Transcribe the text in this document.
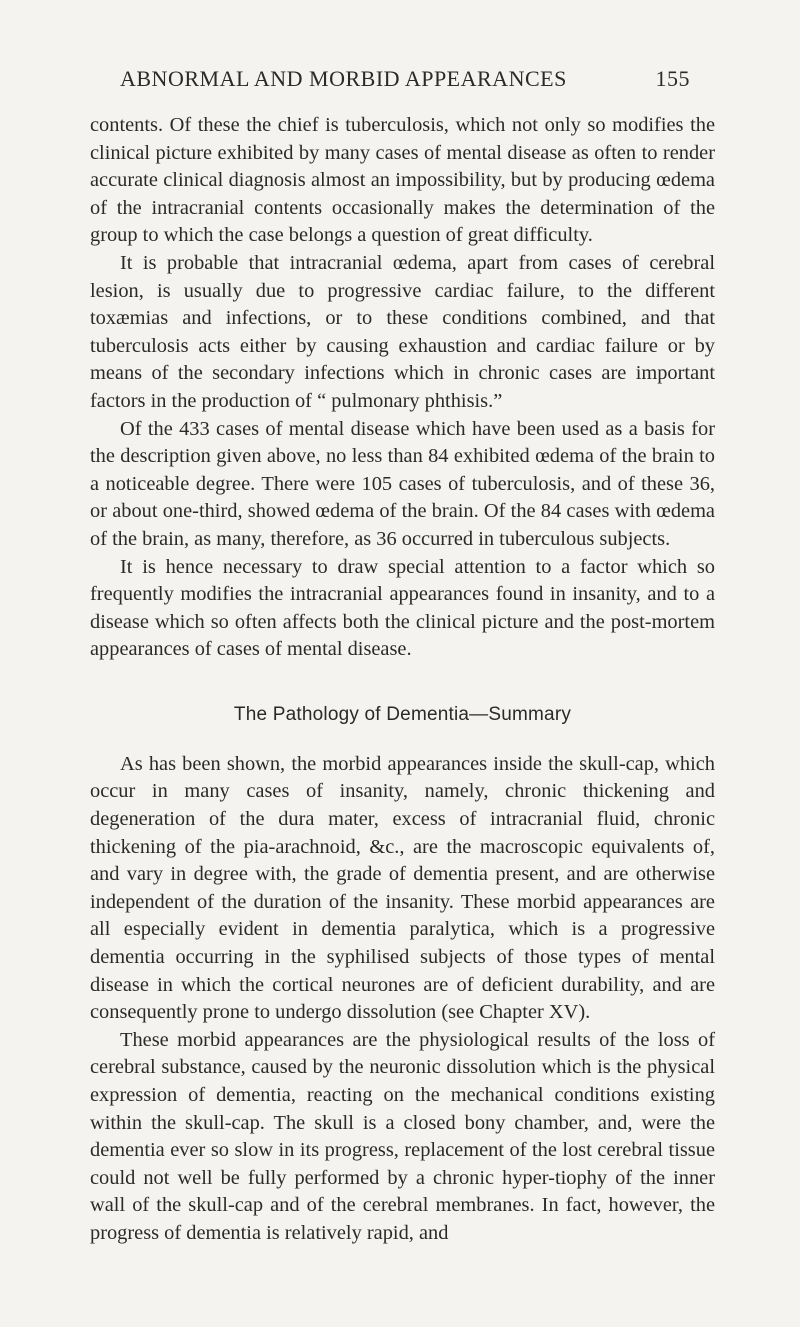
ABNORMAL AND MORBID APPEARANCES	155

contents. Of these the chief is tuberculosis, which not only so modifies the clinical picture exhibited by many cases of mental disease as often to render accurate clinical diagnosis almost an impossibility, but by producing œdema of the intracranial contents occasionally makes the determination of the group to which the case belongs a question of great difficulty.

It is probable that intracranial œdema, apart from cases of cerebral lesion, is usually due to progressive cardiac failure, to the different toxæmias and infections, or to these conditions combined, and that tuberculosis acts either by causing exhaustion and cardiac failure or by means of the secondary infections which in chronic cases are important factors in the production of “ pulmonary phthisis.”

Of the 433 cases of mental disease which have been used as a basis for the description given above, no less than 84 exhibited œdema of the brain to a noticeable degree. There were 105 cases of tuberculosis, and of these 36, or about one-third, showed œdema of the brain. Of the 84 cases with œdema of the brain, as many, therefore, as 36 occurred in tuberculous subjects.

It is hence necessary to draw special attention to a factor which so frequently modifies the intracranial appearances found in insanity, and to a disease which so often affects both the clinical picture and the post-mortem appearances of cases of mental disease.

The Pathology of Dementia—Summary

As has been shown, the morbid appearances inside the skull-cap, which occur in many cases of insanity, namely, chronic thickening and degeneration of the dura mater, excess of intracranial fluid, chronic thickening of the pia-arachnoid, &c., are the macroscopic equivalents of, and vary in degree with, the grade of dementia present, and are otherwise independent of the duration of the insanity. These morbid appearances are all especially evident in dementia paralytica, which is a progressive dementia occurring in the syphilised subjects of those types of mental disease in which the cortical neurones are of deficient durability, and are consequently prone to undergo dissolution (see Chapter XV).

These morbid appearances are the physiological results of the loss of cerebral substance, caused by the neuronic dissolution which is the physical expression of dementia, reacting on the mechanical conditions existing within the skull-cap. The skull is a closed bony chamber, and, were the dementia ever so slow in its progress, replacement of the lost cerebral tissue could not well be fully performed by a chronic hyper-tiophy of the inner wall of the skull-cap and of the cerebral membranes. In fact, however, the progress of dementia is relatively rapid, and
